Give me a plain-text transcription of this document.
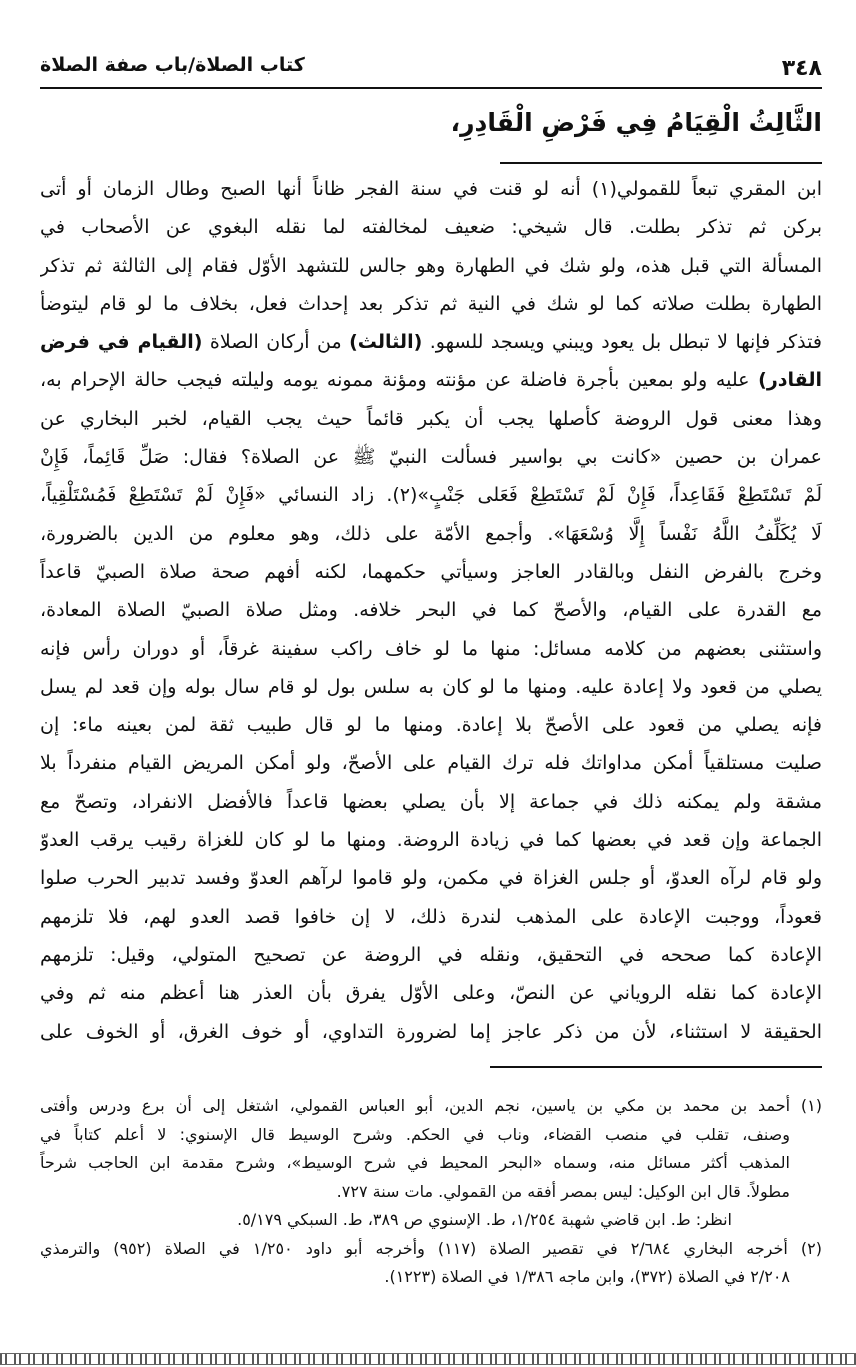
٣٤٨
كتاب الصلاة/باب صفة الصلاة
الثَّالِثُ الْقِيَامُ فِي فَرْضِ الْقَادِرِ،
ابن المقري تبعاً للقمولي(١) أنه لو قنت في سنة الفجر ظاناً أنها الصبح وطال الزمان أو أتى
بركن ثم تذكر بطلت. قال شيخي: ضعيف لمخالفته لما نقله البغوي عن الأصحاب في
المسألة التي قبل هذه، ولو شك في الطهارة وهو جالس للتشهد الأوّل فقام إلى الثالثة ثم تذكر
الطهارة بطلت صلاته كما لو شك في النية ثم تذكر بعد إحداث فعل، بخلاف ما لو قام ليتوضأ
فتذكر فإنها لا تبطل بل يعود ويبني ويسجد للسهو. (الثالث) من أركان الصلاة (القيام في فرض
القادر) عليه ولو بمعين بأجرة فاضلة عن مؤنته ومؤنة ممونه يومه وليلته فيجب حالة الإحرام به،
وهذا معنى قول الروضة كأصلها يجب أن يكبر قائماً حيث يجب القيام، لخبر البخاري عن
عمران بن حصين «كانت بي بواسير فسألت النبيّ ﷺ عن الصلاة؟ فقال: صَلِّ قَائِماً، فَإِنْ
لَمْ تَسْتَطِعْ فَقَاعِداً، فَإِنْ لَمْ تَسْتَطِعْ فَعَلى جَنْبٍ»(٢). زاد النسائي «فَإِنْ لَمْ تَسْتَطِعْ فَمُسْتَلْقِياً،
لَا يُكَلِّفُ اللَّهُ نَفْساً إِلَّا وُسْعَهَا». وأجمع الأمّة على ذلك، وهو معلوم من الدين بالضرورة،
وخرج بالفرض النفل وبالقادر العاجز وسيأتي حكمهما، لكنه أفهم صحة صلاة الصبيّ قاعداً
مع القدرة على القيام، والأصحّ كما في البحر خلافه. ومثل صلاة الصبيّ الصلاة المعادة،
واستثنى بعضهم من كلامه مسائل: منها ما لو خاف راكب سفينة غرقاً، أو دوران رأس فإنه
يصلي من قعود ولا إعادة عليه. ومنها ما لو كان به سلس بول لو قام سال بوله وإن قعد لم يسل
فإنه يصلي من قعود على الأصحّ بلا إعادة. ومنها ما لو قال طبيب ثقة لمن بعينه ماء: إن
صليت مستلقياً أمكن مداواتك فله ترك القيام على الأصحّ، ولو أمكن المريض القيام منفرداً بلا
مشقة ولم يمكنه ذلك في جماعة إلا بأن يصلي بعضها قاعداً فالأفضل الانفراد، وتصحّ مع
الجماعة وإن قعد في بعضها كما في زيادة الروضة. ومنها ما لو كان للغزاة رقيب يرقب العدوّ
ولو قام لرآه العدوّ، أو جلس الغزاة في مكمن، ولو قاموا لرآهم العدوّ وفسد تدبير الحرب صلوا
قعوداً، ووجبت الإعادة على المذهب لندرة ذلك، لا إن خافوا قصد العدو لهم، فلا تلزمهم
الإعادة كما صححه في التحقيق، ونقله في الروضة عن تصحيح المتولي، وقيل: تلزمهم
الإعادة كما نقله الروياني عن النصّ، وعلى الأوّل يفرق بأن العذر هنا أعظم منه ثم وفي
الحقيقة لا استثناء، لأن من ذكر عاجز إما لضرورة التداوي، أو خوف الغرق، أو الخوف على
(١) أحمد بن محمد بن مكي بن ياسين، نجم الدين، أبو العباس القمولي، اشتغل إلى أن برع ودرس وأفتى
وصنف، تقلب في منصب القضاء، وناب في الحكم. وشرح الوسيط قال الإسنوي: لا أعلم كتاباً في
المذهب أكثر مسائل منه، وسماه «البحر المحيط في شرح الوسيط»، وشرح مقدمة ابن الحاجب شرحاً
مطولاً. قال ابن الوكيل: ليس بمصر أفقه من القمولي. مات سنة ٧٢٧.
انظر: ط. ابن قاضي شهبة ١/٢٥٤، ط. الإسنوي ص ٣٨٩، ط. السبكي ٥/١٧٩.
(٢) أخرجه البخاري ٢/٦٨٤ في تقصير الصلاة (١١٧) وأخرجه أبو داود ١/٢٥٠ في الصلاة (٩٥٢) والترمذي
٢/٢٠٨ في الصلاة (٣٧٢)، وابن ماجه ١/٣٨٦ في الصلاة (١٢٢٣).
